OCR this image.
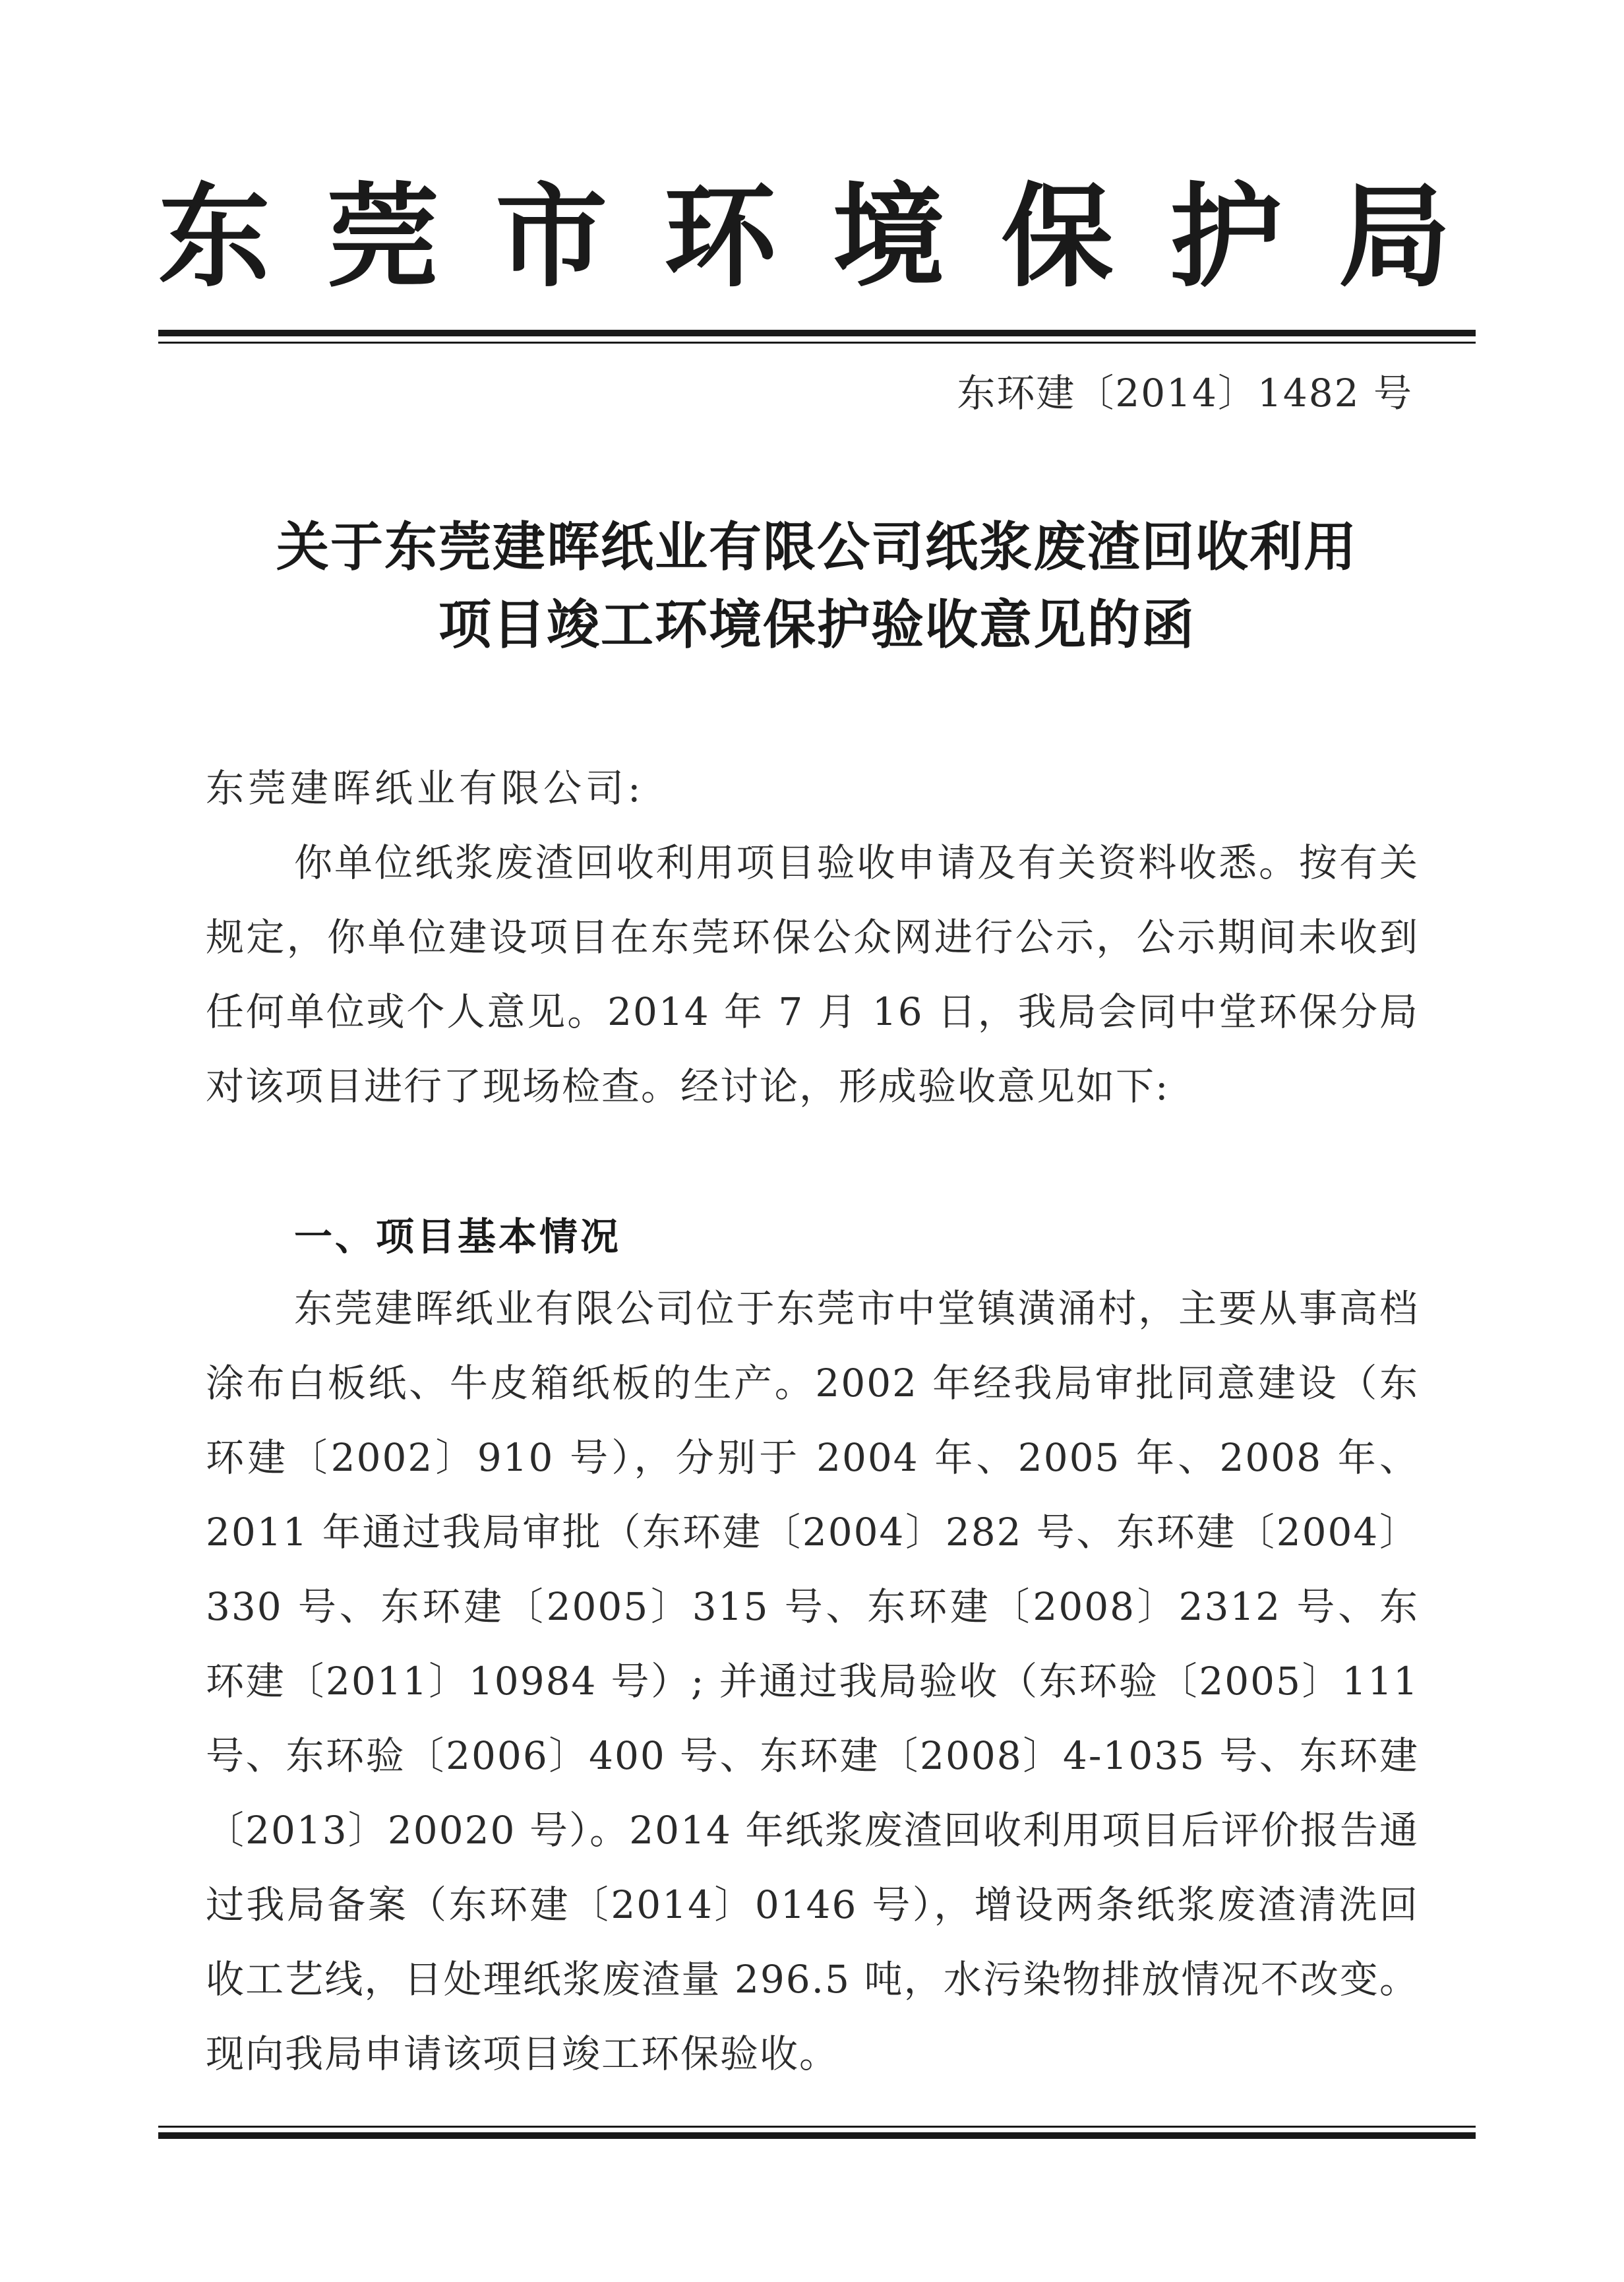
东 莞 市 环 境 保 护 局
东环建〔2014〕1482 号
关于东莞建晖纸业有限公司纸浆废渣回收利用
项目竣工环境保护验收意见的函
东莞建晖纸业有限公司:

你单位纸浆废渣回收利用项目验收申请及有关资料收悉。按有关规定，你单位建设项目在东莞环保公众网进行公示，公示期间未收到任何单位或个人意见。2014 年 7 月 16 日，我局会同中堂环保分局对该项目进行了现场检查。经讨论，形成验收意见如下:

一、项目基本情况

东莞建晖纸业有限公司位于东莞市中堂镇潢涌村，主要从事高档涂布白板纸、牛皮箱纸板的生产。2002 年经我局审批同意建设（东环建〔2002〕910 号），分别于 2004 年、2005 年、2008 年、2011 年通过我局审批（东环建〔2004〕282 号、东环建〔2004〕330 号、东环建〔2005〕315 号、东环建〔2008〕2312 号、东环建〔2011〕10984 号）; 并通过我局验收（东环验〔2005〕111 号、东环验〔2006〕400 号、东环建〔2008〕4-1035 号、东环建〔2013〕20020 号）。2014 年纸浆废渣回收利用项目后评价报告通过我局备案（东环建〔2014〕0146 号），增设两条纸浆废渣清洗回收工艺线，日处理纸浆废渣量 296.5 吨，水污染物排放情况不改变。现向我局申请该项目竣工环保验收。
